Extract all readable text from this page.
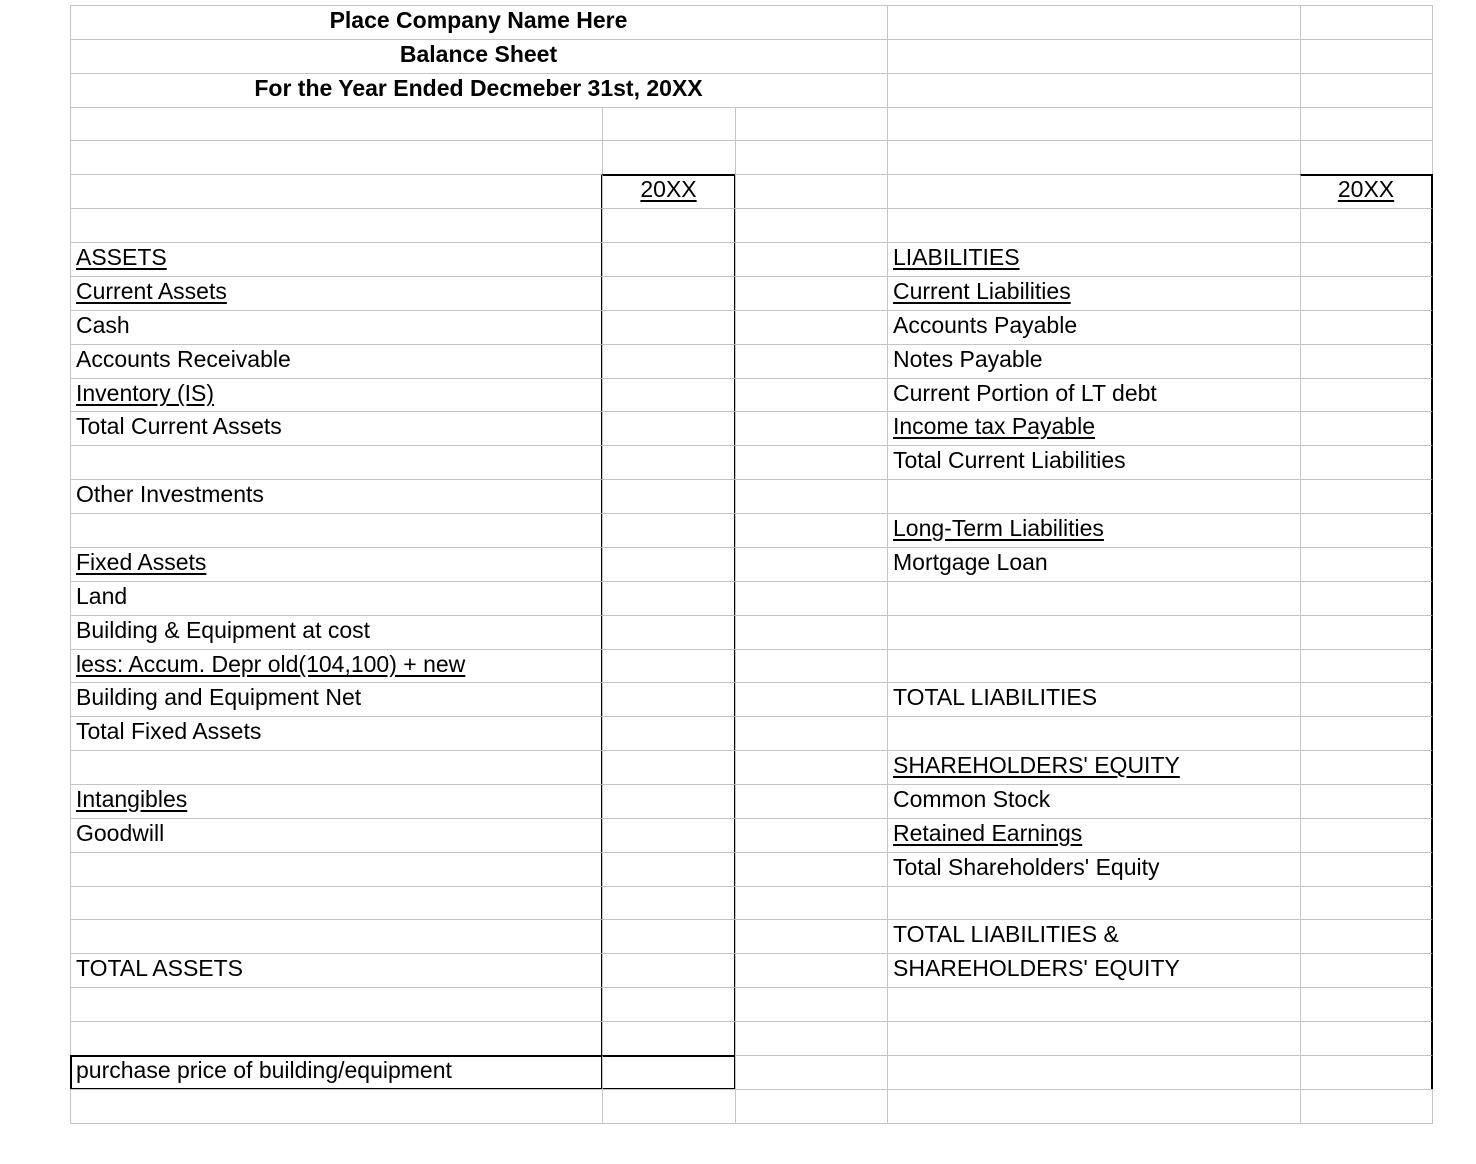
Place Company Name Here
Balance Sheet
For the Year Ended Decmeber 31st, 20XX
20XX	20XX
ASSETS
Current Assets
Cash
Accounts Receivable
Inventory (IS)
Total Current Assets
Other Investments
Fixed Assets
Land
Building & Equipment at cost
less: Accum. Depr old(104,100) + new
Building and Equipment Net
Total Fixed Assets
Intangibles
Goodwill
TOTAL ASSETS
purchase price of building/equipment
LIABILITIES
Current Liabilities
Accounts Payable
Notes Payable
Current Portion of LT debt
Income tax Payable
Total Current Liabilities
Long-Term Liabilities
Mortgage Loan
TOTAL LIABILITIES
SHAREHOLDERS' EQUITY
Common Stock
Retained Earnings
Total Shareholders' Equity
TOTAL LIABILITIES &
SHAREHOLDERS' EQUITY
